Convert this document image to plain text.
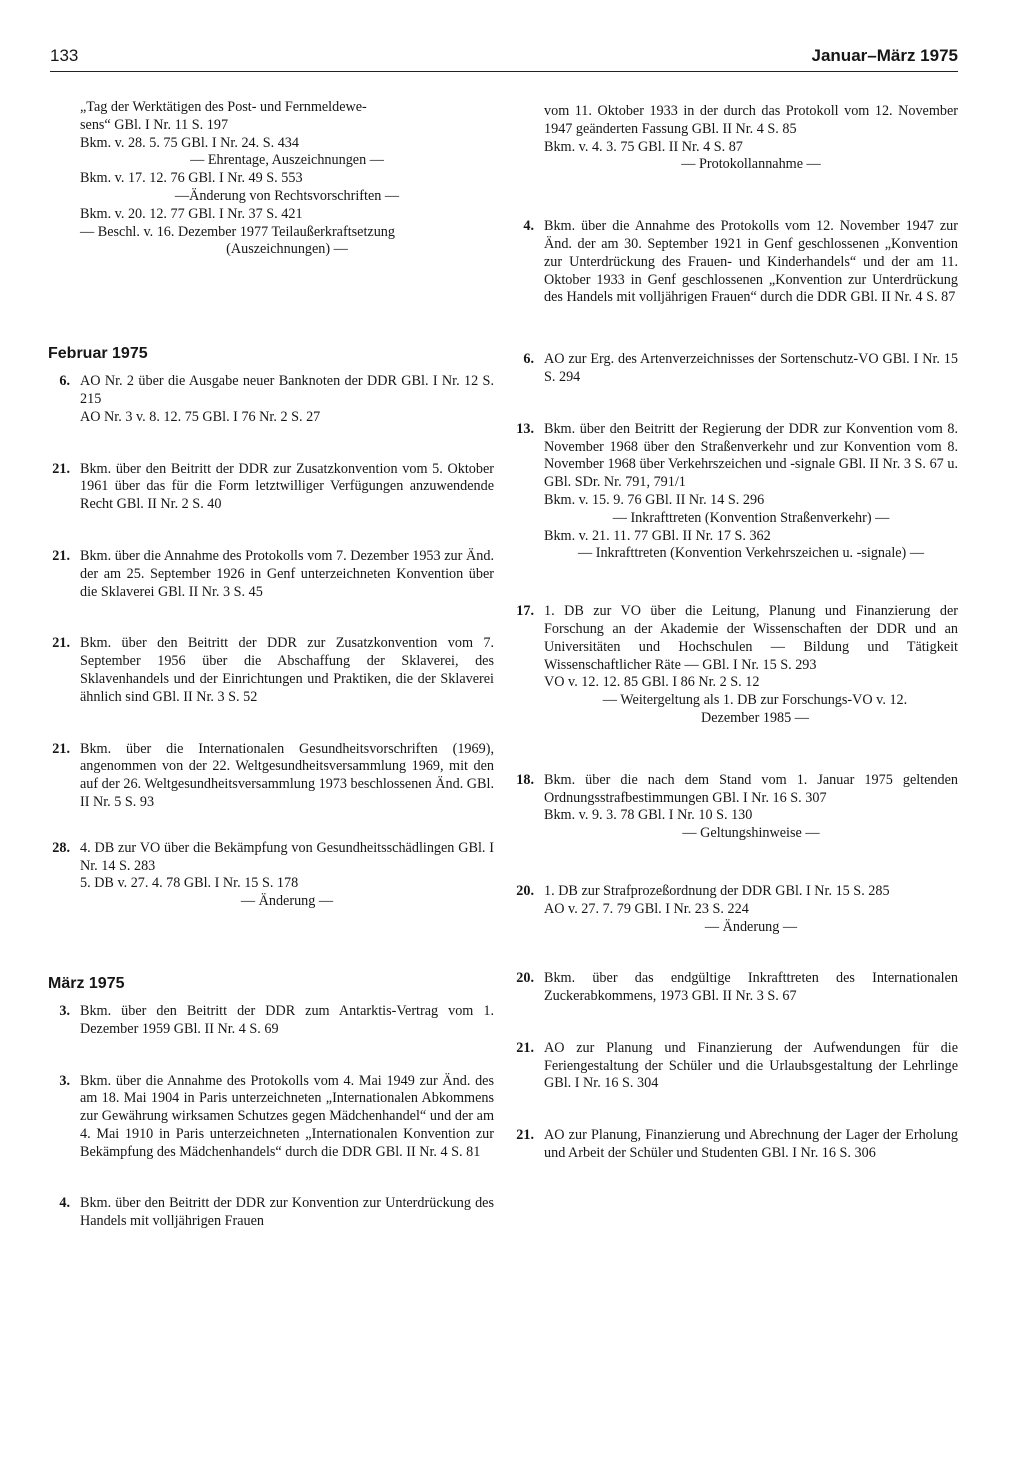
133	Januar–März 1975
„Tag der Werktätigen des Post- und Fernmeldewe-
sens“ GBl. I Nr. 11 S. 197
Bkm. v. 28. 5. 75 GBl. I Nr. 24. S. 434
— Ehrentage, Auszeichnungen —
Bkm. v. 17. 12. 76 GBl. I Nr. 49 S. 553
—Änderung von Rechtsvorschriften —
Bkm. v. 20. 12. 77 GBl. I Nr. 37 S. 421
— Beschl. v. 16. Dezember 1977 Teilaußerkraftsetzung
(Auszeichnungen) —
Februar 1975
6. AO Nr. 2 über die Ausgabe neuer Banknoten der DDR GBl. I Nr. 12 S. 215
AO Nr. 3 v. 8. 12. 75 GBl. I 76 Nr. 2 S. 27
21. Bkm. über den Beitritt der DDR zur Zusatzkonvention vom 5. Oktober 1961 über das für die Form letztwilliger Verfügungen anzuwendende Recht GBl. II Nr. 2 S. 40
21. Bkm. über die Annahme des Protokolls vom 7. Dezember 1953 zur Änd. der am 25. September 1926 in Genf unterzeichneten Konvention über die Sklaverei GBl. II Nr. 3 S. 45
21. Bkm. über den Beitritt der DDR zur Zusatzkonvention vom 7. September 1956 über die Abschaffung der Sklaverei, des Sklavenhandels und der Einrichtungen und Praktiken, die der Sklaverei ähnlich sind GBl. II Nr. 3 S. 52
21. Bkm. über die Internationalen Gesundheitsvorschriften (1969), angenommen von der 22. Weltgesundheitsversammlung 1969, mit den auf der 26. Weltgesundheitsversammlung 1973 beschlossenen Änd. GBl. II Nr. 5 S. 93
28. 4. DB zur VO über die Bekämpfung von Gesundheitsschädlingen GBl. I Nr. 14 S. 283
5. DB v. 27. 4. 78 GBl. I Nr. 15 S. 178
— Änderung —
März 1975
3. Bkm. über den Beitritt der DDR zum Antarktis-Vertrag vom 1. Dezember 1959 GBl. II Nr. 4 S. 69
3. Bkm. über die Annahme des Protokolls vom 4. Mai 1949 zur Änd. des am 18. Mai 1904 in Paris unterzeichneten „Internationalen Abkommens zur Gewährung wirksamen Schutzes gegen Mädchenhandel“ und der am 4. Mai 1910 in Paris unterzeichneten „Internationalen Konvention zur Bekämpfung des Mädchenhandels“ durch die DDR GBl. II Nr. 4 S. 81
4. Bkm. über den Beitritt der DDR zur Konvention zur Unterdrückung des Handels mit volljährigen Frauen
vom 11. Oktober 1933 in der durch das Protokoll vom 12. November 1947 geänderten Fassung GBl. II Nr. 4 S. 85
Bkm. v. 4. 3. 75 GBl. II Nr. 4 S. 87
— Protokollannahme —
4. Bkm. über die Annahme des Protokolls vom 12. November 1947 zur Änd. der am 30. September 1921 in Genf geschlossenen „Konvention zur Unterdrückung des Frauen- und Kinderhandels“ und der am 11. Oktober 1933 in Genf geschlossenen „Konvention zur Unterdrückung des Handels mit volljährigen Frauen“ durch die DDR GBl. II Nr. 4 S. 87
6. AO zur Erg. des Artenverzeichnisses der Sortenschutz-VO GBl. I Nr. 15 S. 294
13. Bkm. über den Beitritt der Regierung der DDR zur Konvention vom 8. November 1968 über den Straßenverkehr und zur Konvention vom 8. November 1968 über Verkehrszeichen und -signale GBl. II Nr. 3 S. 67 u. GBl. SDr. Nr. 791, 791/1
Bkm. v. 15. 9. 76 GBl. II Nr. 14 S. 296
— Inkrafttreten (Konvention Straßenverkehr) —
Bkm. v. 21. 11. 77 GBl. II Nr. 17 S. 362
— Inkrafttreten (Konvention Verkehrszeichen u. -signale) —
17. 1. DB zur VO über die Leitung, Planung und Finanzierung der Forschung an der Akademie der Wissenschaften der DDR und an Universitäten und Hochschulen — Bildung und Tätigkeit Wissenschaftlicher Räte — GBl. I Nr. 15 S. 293
VO v. 12. 12. 85 GBl. I 86 Nr. 2 S. 12
— Weitergeltung als 1. DB zur Forschungs-VO v. 12. Dezember 1985 —
18. Bkm. über die nach dem Stand vom 1. Januar 1975 geltenden Ordnungsstrafbestimmungen GBl. I Nr. 16 S. 307
Bkm. v. 9. 3. 78 GBl. I Nr. 10 S. 130
— Geltungshinweise —
20. 1. DB zur Strafprozeßordnung der DDR GBl. I Nr. 15 S. 285
AO v. 27. 7. 79 GBl. I Nr. 23 S. 224
— Änderung —
20. Bkm. über das endgültige Inkrafttreten des Internationalen Zuckerabkommens, 1973 GBl. II Nr. 3 S. 67
21. AO zur Planung und Finanzierung der Aufwendungen für die Feriengestaltung der Schüler und die Urlaubsgestaltung der Lehrlinge GBl. I Nr. 16 S. 304
21. AO zur Planung, Finanzierung und Abrechnung der Lager der Erholung und Arbeit der Schüler und Studenten GBl. I Nr. 16 S. 306
